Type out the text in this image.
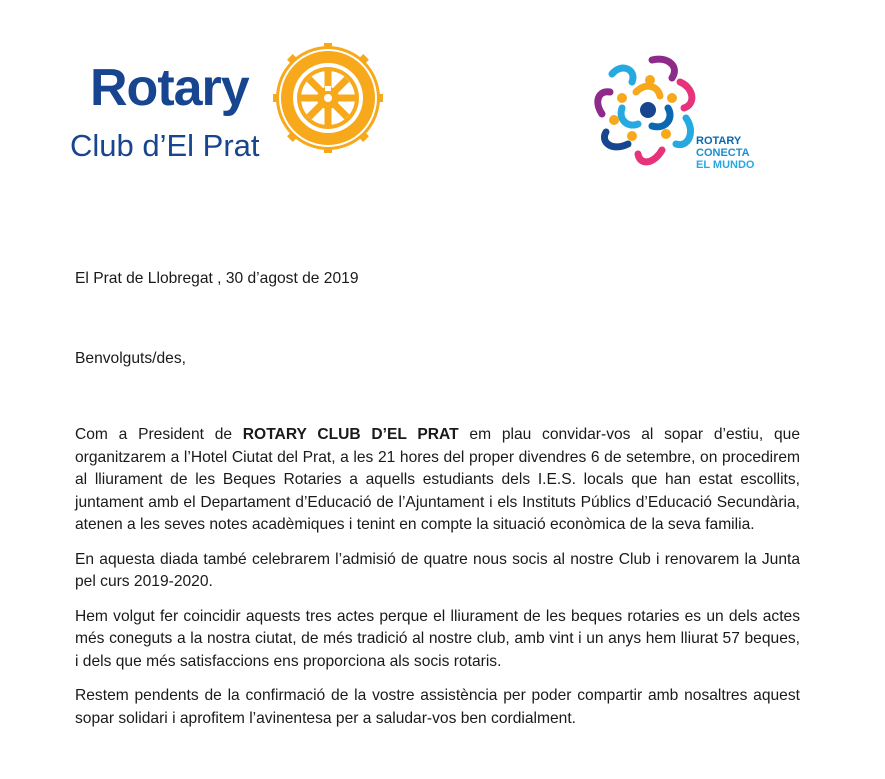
Rotary
Club d’El Prat	ROTARY
CONECTA
EL MUNDO

El Prat de Llobregat , 30 d’agost de 2019

Benvolguts/des,

Com a President de ROTARY CLUB D’EL PRAT em plau convidar-vos al sopar d’estiu, que organitzarem a l’Hotel Ciutat del Prat, a les 21 hores del proper divendres 6 de setembre, on procedirem al lliurament de les Beques Rotaries a aquells estudiants dels I.E.S. locals que han estat escollits, juntament amb el Departament d’Educació de l’Ajuntament i els Instituts Públics d’Educació Secundària, atenen a les seves notes acadèmiques i tenint en compte la situació econòmica de la seva familia.

En aquesta diada també celebrarem l’admisió de quatre nous socis al nostre Club i renovarem la Junta pel curs 2019-2020.

Hem volgut fer coincidir aquests tres actes perque el lliurament de les beques rotaries es un dels actes més coneguts a la nostra ciutat, de més tradició al nostre club, amb vint i un anys hem lliurat 57 beques, i dels que més satisfaccions ens proporciona als socis rotaris.

Restem pendents de la confirmació de la vostre assistència per poder compartir amb nosaltres aquest sopar solidari i aprofitem l’avinentesa per a saludar-vos ben cordialment.
